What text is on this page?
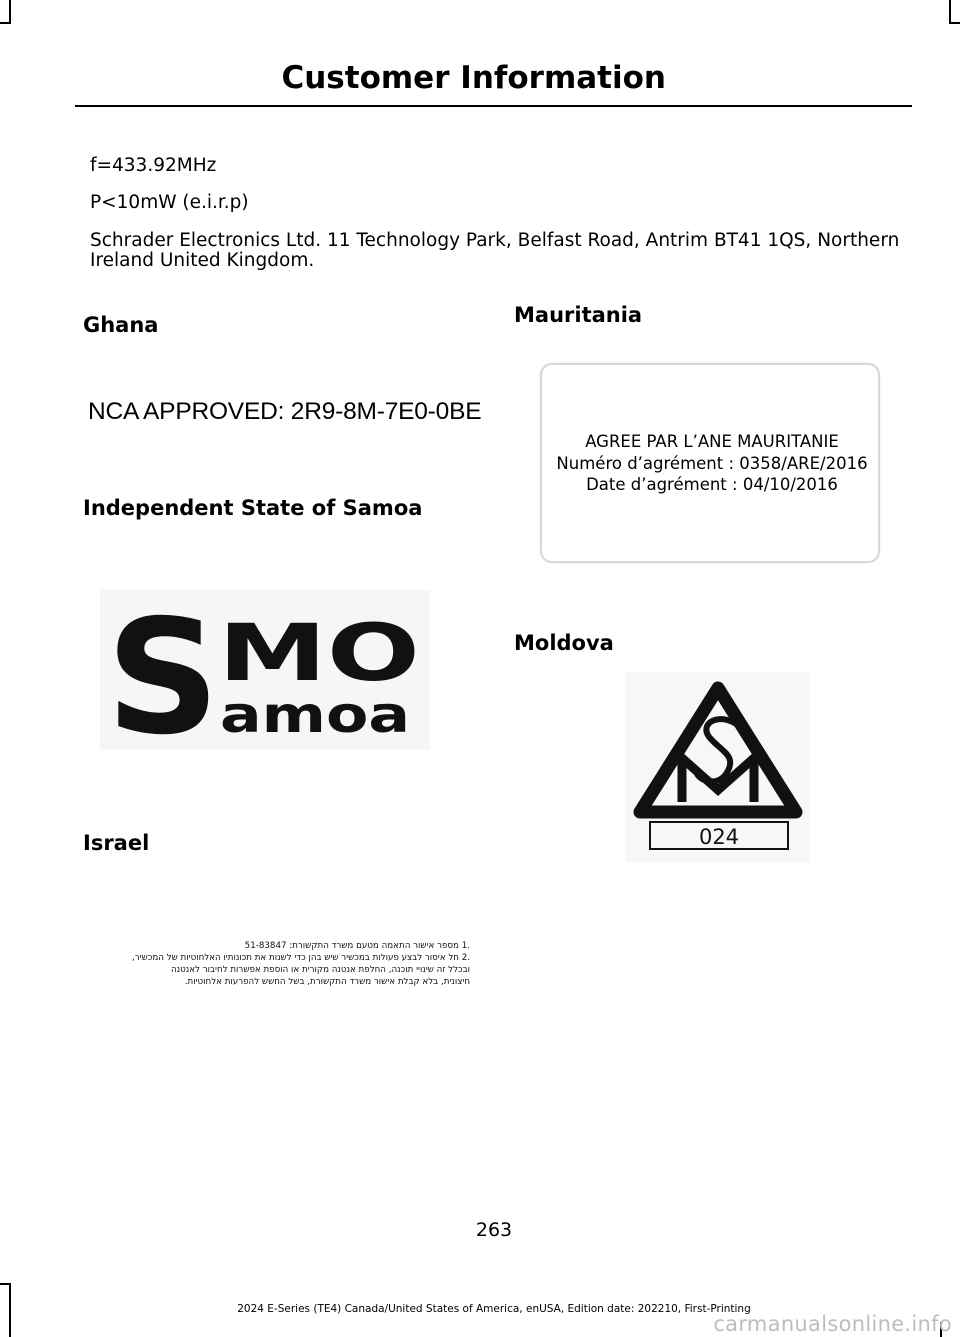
Customer Information
f=433.92MHz
P<10mW (e.i.r.p)
Schrader Electronics Ltd. 11 Technology Park, Belfast Road, Antrim BT41 1QS, Northern
Ireland United Kingdom.
Ghana
NCA APPROVED: 2R9-8M-7E0-0BE
Independent State of Samoa
S
MO
amoa
Israel
.1 מספר אישור התאמה מטעם משרד התקשורת: 51-83847
.2 חל איסור לבצע פעולות במכשיר שיש בהן כדי לשנות את תכונותיו האלחוטיות של המכשיר,
ובכלל זה שינויי תוכנה, החלפת אנטנה מקורית או הוספת אפשרות לחיבור לאנטנה
חיצונית, בלא קבלת אישור משרד התקשורת, בשל החשש להפרעות אלחוטיות.
Mauritania
AGREE PAR L’ANE MAURITANIE
Numéro d’agrément : 0358/ARE/2016
Date d’agrément : 04/10/2016
Moldova
024
263
2024 E-Series (TE4) Canada/United States of America, enUSA, Edition date: 202210, First-Printing
carmanualsonline.info
